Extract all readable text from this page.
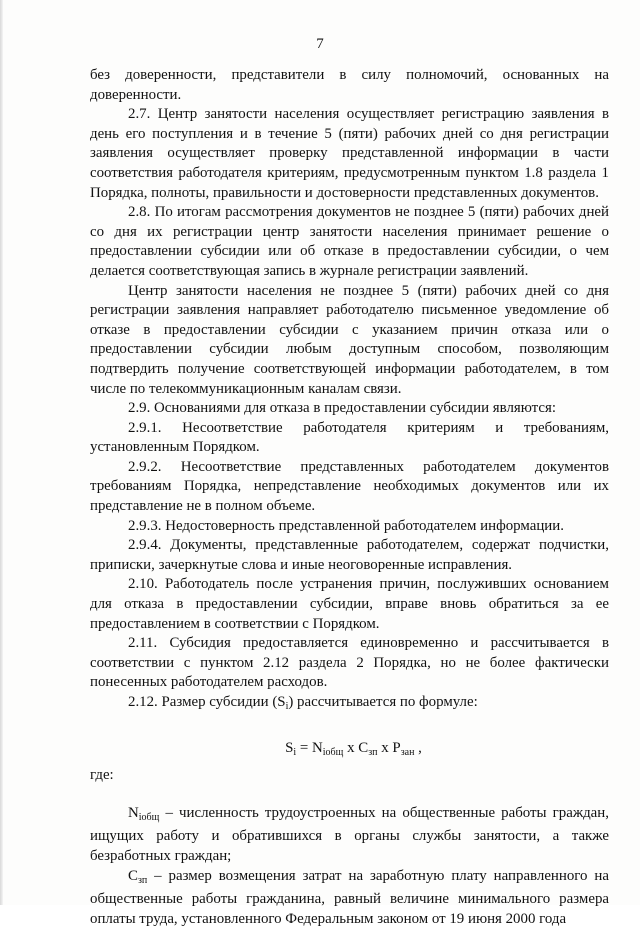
7

без доверенности, представители в силу полномочий, основанных на доверенности.

2.7. Центр занятости населения осуществляет регистрацию заявления в день его поступления и в течение 5 (пяти) рабочих дней со дня регистрации заявления осуществляет проверку представленной информации в части соответствия работодателя критериям, предусмотренным пунктом 1.8 раздела 1 Порядка, полноты, правильности и достоверности представленных документов.

2.8. По итогам рассмотрения документов не позднее 5 (пяти) рабочих дней со дня их регистрации центр занятости населения принимает решение о предоставлении субсидии или об отказе в предоставлении субсидии, о чем делается соответствующая запись в журнале регистрации заявлений.

Центр занятости населения не позднее 5 (пяти) рабочих дней со дня регистрации заявления направляет работодателю письменное уведомление об отказе в предоставлении субсидии с указанием причин отказа или о предоставлении субсидии любым доступным способом, позволяющим подтвердить получение соответствующей информации работодателем, в том числе по телекоммуникационным каналам связи.

2.9. Основаниями для отказа в предоставлении субсидии являются:

2.9.1. Несоответствие работодателя критериям и требованиям, установленным Порядком.

2.9.2. Несоответствие представленных работодателем документов требованиям Порядка, непредставление необходимых документов или их представление не в полном объеме.

2.9.3. Недостоверность представленной работодателем информации.

2.9.4. Документы, представленные работодателем, содержат подчистки, приписки, зачеркнутые слова и иные неоговоренные исправления.

2.10. Работодатель после устранения причин, послуживших основанием для отказа в предоставлении субсидии, вправе вновь обратиться за ее предоставлением в соответствии с Порядком.

2.11. Субсидия предоставляется единовременно и рассчитывается в соответствии с пунктом 2.12 раздела 2 Порядка, но не более фактически понесенных работодателем расходов.

2.12. Размер субсидии $(S_i)$ рассчитывается по формуле:

$S_i = N_{iобщ}$ х $С_{зп}$ х $P_{зан}$ ,

где:

$N_{iобщ}$ – численность трудоустроенных на общественные работы граждан, ищущих работу и обратившихся в органы службы занятости, а также безработных граждан;

$С_{зп}$ – размер возмещения затрат на заработную плату направленного на общественные работы гражданина, равный величине минимального размера оплаты труда, установленного Федеральным законом от 19 июня 2000 года
